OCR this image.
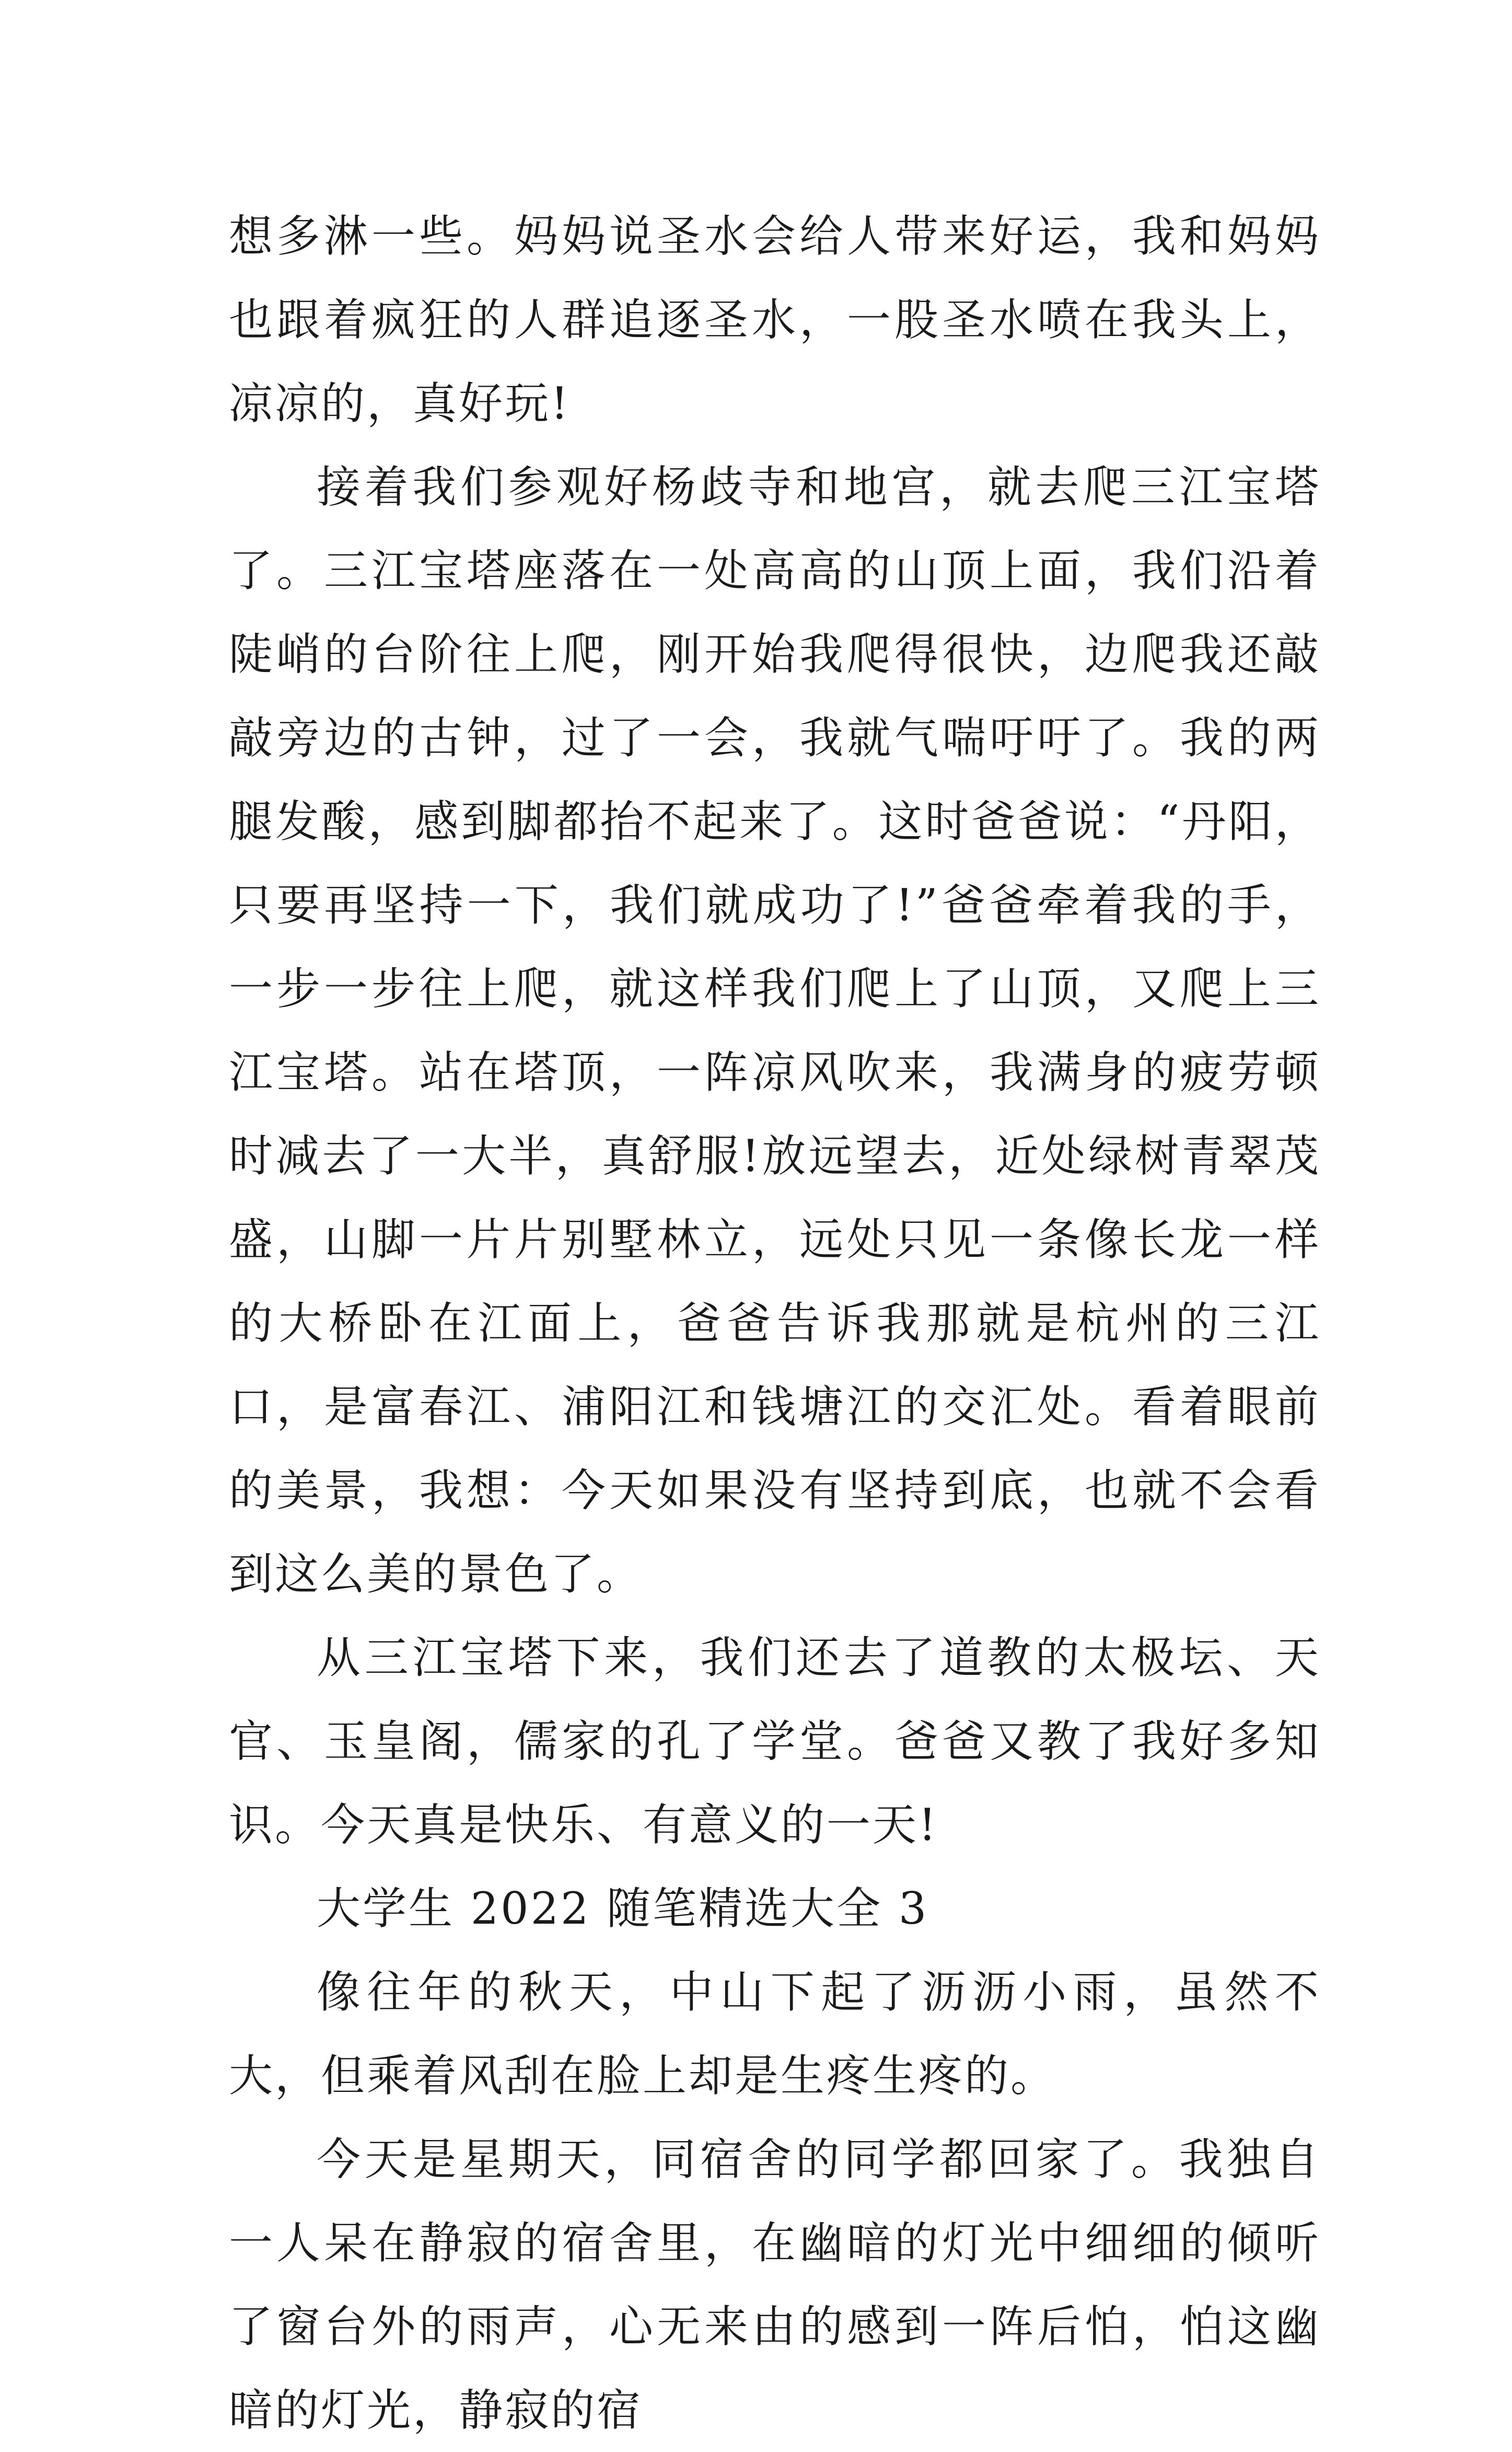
想多淋一些。妈妈说圣水会给人带来好运，我和妈妈也跟着疯狂的人群追逐圣水，一股圣水喷在我头上，凉凉的，真好玩!

接着我们参观好杨歧寺和地宫，就去爬三江宝塔了。三江宝塔座落在一处高高的山顶上面，我们沿着陡峭的台阶往上爬，刚开始我爬得很快，边爬我还敲敲旁边的古钟，过了一会，我就气喘吁吁了。我的两腿发酸，感到脚都抬不起来了。这时爸爸说：“丹阳，只要再坚持一下，我们就成功了!”爸爸牵着我的手，一步一步往上爬，就这样我们爬上了山顶，又爬上三江宝塔。站在塔顶，一阵凉风吹来，我满身的疲劳顿时减去了一大半，真舒服!放远望去，近处绿树青翠茂盛，山脚一片片别墅林立，远处只见一条像长龙一样的大桥卧在江面上，爸爸告诉我那就是杭州的三江口，是富春江、浦阳江和钱塘江的交汇处。看着眼前的美景，我想：今天如果没有坚持到底，也就不会看到这么美的景色了。

从三江宝塔下来，我们还去了道教的太极坛、天官、玉皇阁，儒家的孔了学堂。爸爸又教了我好多知识。今天真是快乐、有意义的一天!

大学生 2022 随笔精选大全 3

像往年的秋天，中山下起了沥沥小雨，虽然不大，但乘着风刮在脸上却是生疼生疼的。

今天是星期天，同宿舍的同学都回家了。我独自一人呆在静寂的宿舍里，在幽暗的灯光中细细的倾听了窗台外的雨声，心无来由的感到一阵后怕，怕这幽暗的灯光，静寂的宿
